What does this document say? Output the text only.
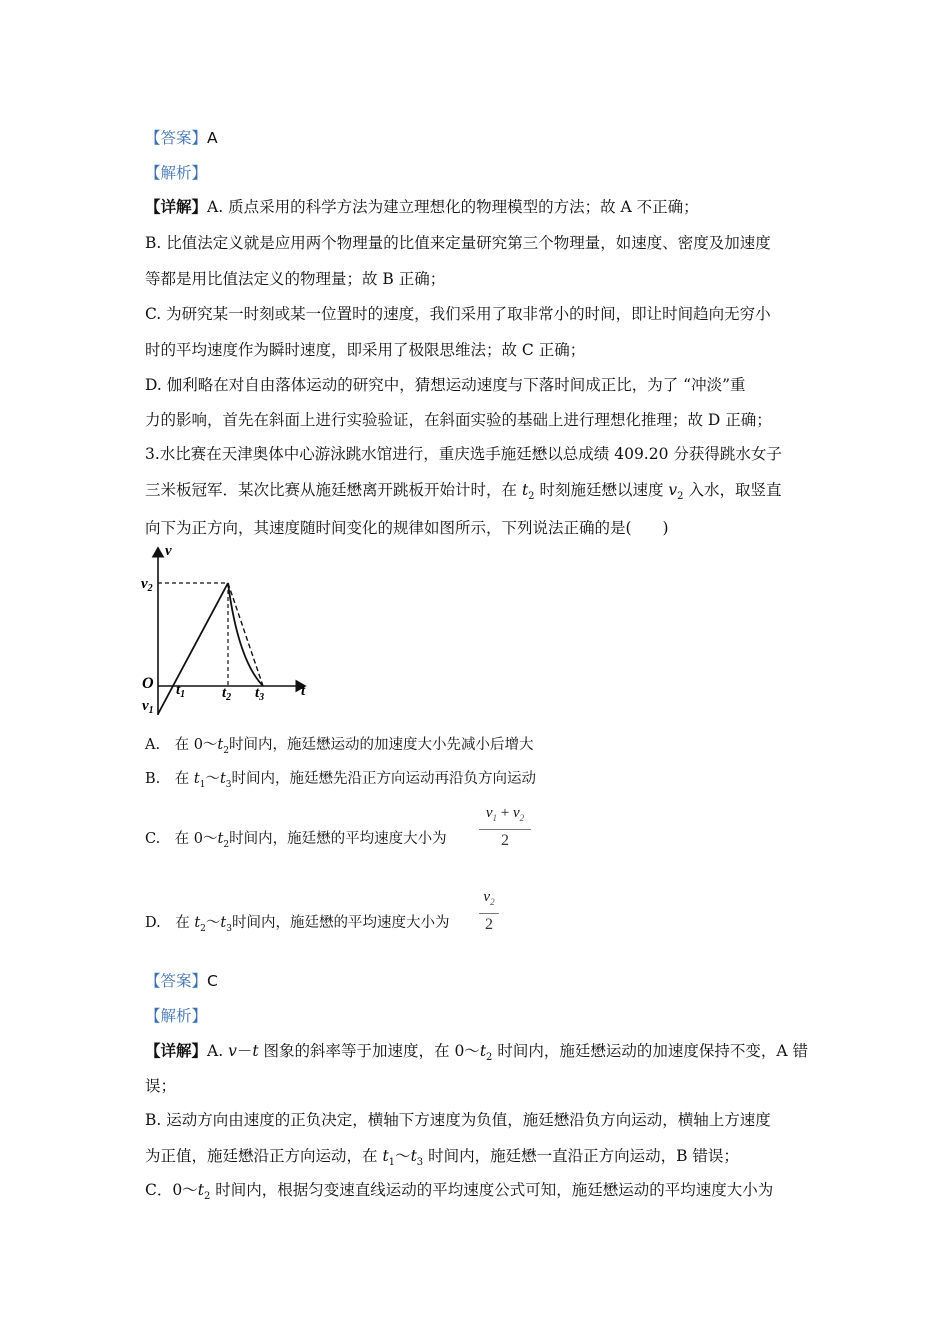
【答案】A
【解析】
【详解】A. 质点采用的科学方法为建立理想化的物理模型的方法；故 A 不正确；
B. 比值法定义就是应用两个物理量的比值来定量研究第三个物理量，如速度、密度及加速度
等都是用比值法定义的物理量；故 B 正确；
C. 为研究某一时刻或某一位置时的速度，我们采用了取非常小的时间，即让时间趋向无穷小
时的平均速度作为瞬时速度，即采用了极限思维法；故 C 正确；
D. 伽利略在对自由落体运动的研究中，猜想运动速度与下落时间成正比，为了 “冲淡”重
力的影响，首先在斜面上进行实验验证，在斜面实验的基础上进行理想化推理；故 D 正确；
3.水比赛在天津奥体中心游泳跳水馆进行，重庆选手施廷懋以总成绩 409.20 分获得跳水女子
三米板冠军．某次比赛从施廷懋离开跳板开始计时，在 $t_2$ 时刻施廷懋以速度 $v_2$ 入水，取竖直
向下为正方向，其速度随时间变化的规律如图所示，下列说法正确的是(　　)
v
t
O
$v_2$
$v_1$
$t_1$ $t_2$ $t_3$
A.　在 $0\sim t_2$时间内，施廷懋运动的加速度大小先减小后增大
B.　在 $t_1\sim t_3$时间内，施廷懋先沿正方向运动再沿负方向运动
C.　在 $0\sim t_2$时间内，施廷懋的平均速度大小为
$v_1 + v_2$
2
D.　在 $t_2\sim t_3$时间内，施廷懋的平均速度大小为
$v_2$
2
【答案】C
【解析】
【详解】A. v－t 图象的斜率等于加速度，在 $0\sim t_2$ 时间内，施廷懋运动的加速度保持不变，A 错
误；
B. 运动方向由速度的正负决定，横轴下方速度为负值，施廷懋沿负方向运动，横轴上方速度
为正值，施廷懋沿正方向运动，在 $t_1\sim t_3$ 时间内，施廷懋一直沿正方向运动，B 错误；
C．$0\sim t_2$ 时间内，根据匀变速直线运动的平均速度公式可知，施廷懋运动的平均速度大小为
